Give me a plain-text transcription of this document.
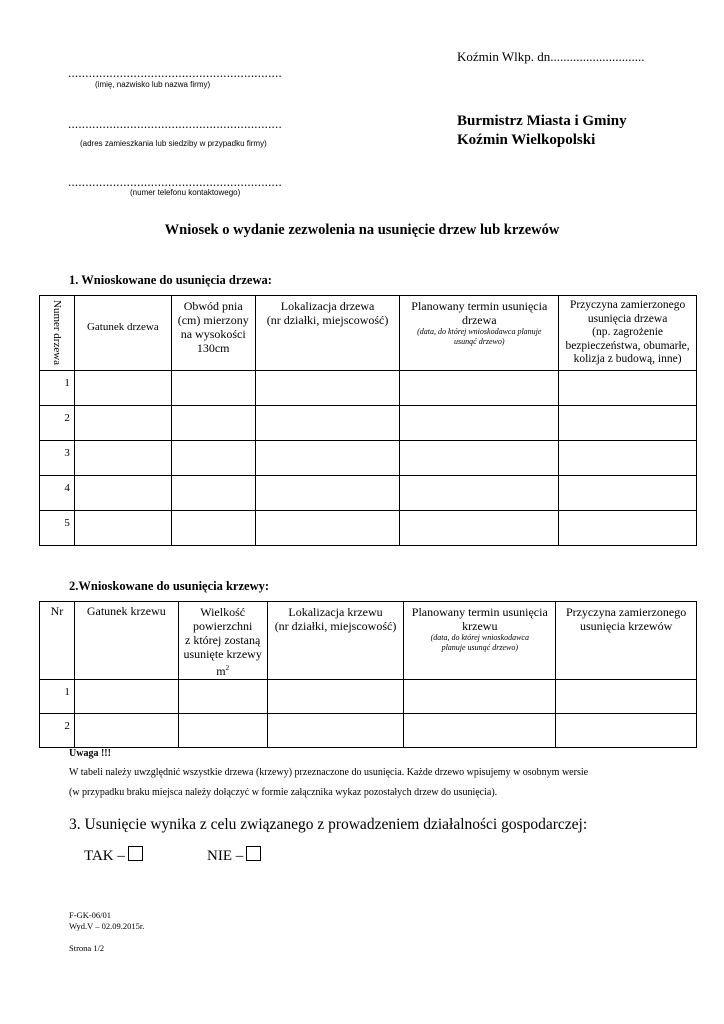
Koźmin Wlkp. dn.............................
..............................................................
(imię, nazwisko lub nazwa firmy)
..............................................................
(adres zamieszkania lub siedziby w przypadku firmy)
..............................................................
(numer telefonu kontaktowego)
Burmistrz Miasta i Gminy
Koźmin Wielkopolski
Wniosek o wydanie zezwolenia na usunięcie drzew lub krzewów
1. Wnioskowane do usunięcia drzewa:
Numer drzewa	Gatunek drzewa	Obwód pnia
(cm) mierzony
na wysokości
130cm	Lokalizacja drzewa
(nr działki, miejscowość)	Planowany termin usunięcia
drzewa
(data, do której wnioskodawca planuje usunąć drzewo)	Przyczyna zamierzonego
usunięcia drzewa
(np. zagrożenie
bezpieczeństwa, obumarłe,
kolizja z budową, inne)

1					
2					
3					
4					
5					
2.Wnioskowane do usunięcia krzewy:
Nr	Gatunek krzewu	Wielkość
powierzchni
z której zostaną
usunięte krzewy
$m^2$	Lokalizacja krzewu
(nr działki, miejscowość)	Planowany termin usunięcia
krzewu
(data, do której wnioskodawca planuje usunąć drzewo)	Przyczyna zamierzonego
usunięcia krzewów

1					
2					
Uwaga !!!
W tabeli należy uwzględnić wszystkie drzewa (krzewy) przeznaczone do usunięcia. Każde drzewo wpisujemy w osobnym wersie
(w przypadku braku miejsca należy dołączyć w formie załącznika wykaz pozostałych drzew do usunięcia).
3. Usunięcie wynika z celu związanego z prowadzeniem działalności gospodarczej:
TAK –	NIE –
F-GK-06/01
Wyd.V – 02.09.2015r.
Strona 1/2
